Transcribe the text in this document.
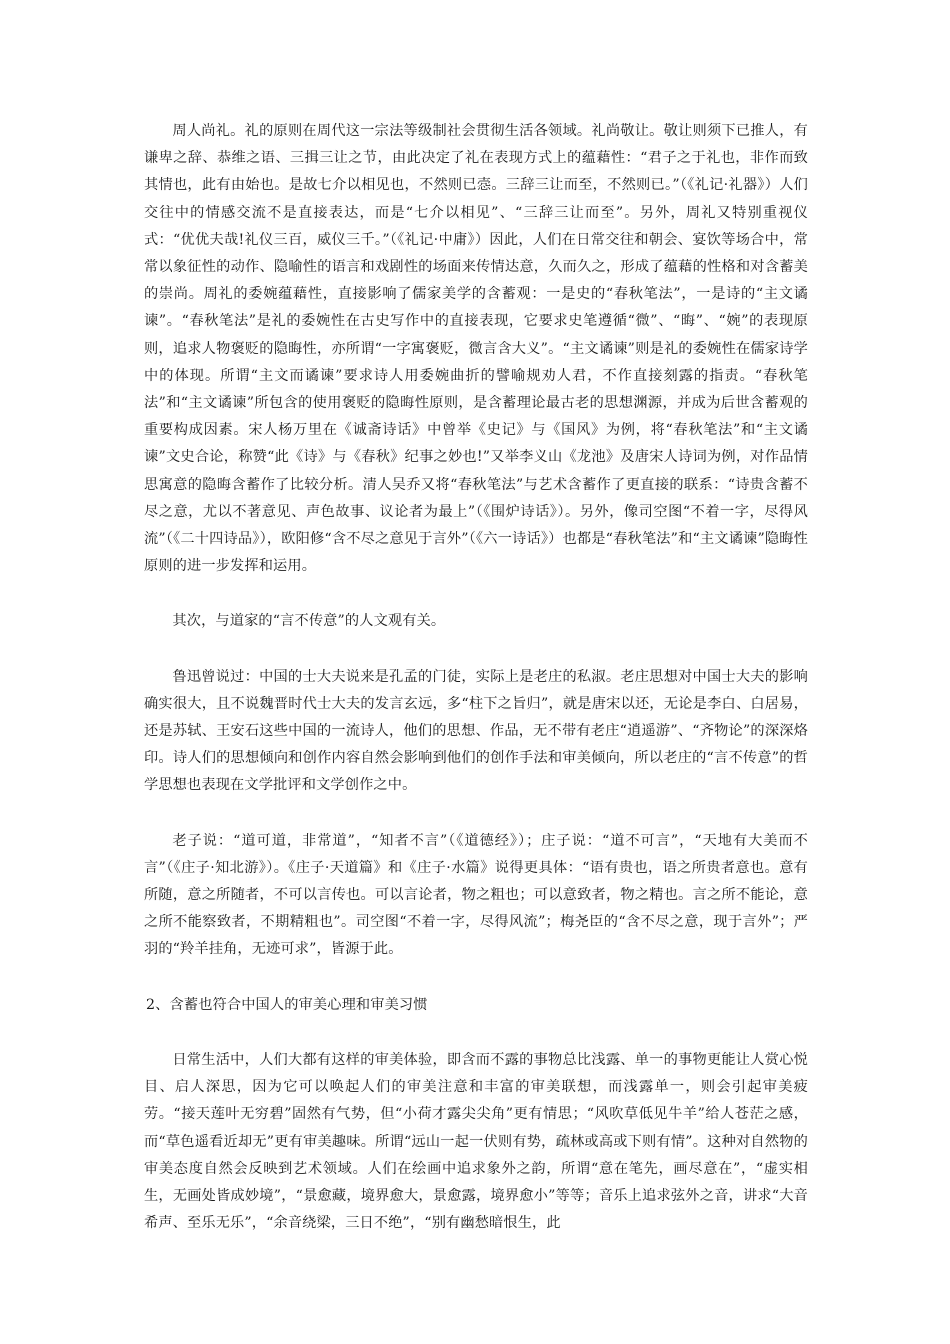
周人尚礼。礼的原则在周代这一宗法等级制社会贯彻生活各领域。礼尚敬让。敬让则须下已推人，有谦卑之辞、恭维之语、三揖三让之节，由此决定了礼在表现方式上的蕴藉性：“君子之于礼也，非作而致其情也，此有由始也。是故七介以相见也，不然则已悫。三辞三让而至，不然则已。”（《礼记·礼器》）人们交往中的情感交流不是直接表达，而是“七介以相见”、“三辞三让而至”。另外，周礼又特别重视仪式：“优优夫哉!礼仪三百，威仪三千。”（《礼记·中庸》）因此，人们在日常交往和朝会、宴饮等场合中，常常以象征性的动作、隐喻性的语言和戏剧性的场面来传情达意，久而久之，形成了蕴藉的性格和对含蓄美的崇尚。周礼的委婉蕴藉性，直接影响了儒家美学的含蓄观：一是史的“春秋笔法”，一是诗的“主文谲谏”。“春秋笔法”是礼的委婉性在古史写作中的直接表现，它要求史笔遵循“微”、“晦”、“婉”的表现原则，追求人物褒贬的隐晦性，亦所谓“一字寓褒贬，微言含大义”。“主文谲谏”则是礼的委婉性在儒家诗学中的体现。所谓“主文而谲谏”要求诗人用委婉曲折的譬喻规劝人君，不作直接刻露的指责。“春秋笔法”和“主文谲谏”所包含的使用褒贬的隐晦性原则，是含蓄理论最古老的思想渊源，并成为后世含蓄观的重要构成因素。宋人杨万里在《诚斋诗话》中曾举《史记》与《国风》为例，将“春秋笔法”和“主文谲谏”文史合论，称赞“此《诗》与《春秋》纪事之妙也!”又举李义山《龙池》及唐宋人诗词为例，对作品情思寓意的隐晦含蓄作了比较分析。清人吴乔又将“春秋笔法”与艺术含蓄作了更直接的联系：“诗贵含蓄不尽之意，尤以不著意见、声色故事、议论者为最上”（《围炉诗话》）。另外，像司空图“不着一字，尽得风流”（《二十四诗品》），欧阳修“含不尽之意见于言外”（《六一诗话》）也都是“春秋笔法”和“主文谲谏”隐晦性原则的进一步发挥和运用。

其次，与道家的“言不传意”的人文观有关。

鲁迅曾说过：中国的士大夫说来是孔孟的门徒，实际上是老庄的私淑。老庄思想对中国士大夫的影响确实很大，且不说魏晋时代士大夫的发言玄远，多“柱下之旨归”，就是唐宋以还，无论是李白、白居易，还是苏轼、王安石这些中国的一流诗人，他们的思想、作品，无不带有老庄“逍遥游”、“齐物论”的深深烙印。诗人们的思想倾向和创作内容自然会影响到他们的创作手法和审美倾向，所以老庄的“言不传意”的哲学思想也表现在文学批评和文学创作之中。

老子说：“道可道，非常道”，“知者不言”（《道德经》）；庄子说：“道不可言”，“天地有大美而不言”（《庄子·知北游》）。《庄子·天道篇》和《庄子·水篇》说得更具体：“语有贵也，语之所贵者意也。意有所随，意之所随者，不可以言传也。可以言论者，物之粗也；可以意致者，物之精也。言之所不能论，意之所不能察致者，不期精粗也”。司空图“不着一字，尽得风流”；梅尧臣的“含不尽之意，现于言外”；严羽的“羚羊挂角，无迹可求”，皆源于此。

2、含蓄也符合中国人的审美心理和审美习惯

日常生活中，人们大都有这样的审美体验，即含而不露的事物总比浅露、单一的事物更能让人赏心悦目、启人深思，因为它可以唤起人们的审美注意和丰富的审美联想，而浅露单一，则会引起审美疲劳。“接天莲叶无穷碧”固然有气势，但“小荷才露尖尖角”更有情思；“风吹草低见牛羊”给人苍茫之感，而“草色遥看近却无”更有审美趣味。所谓“远山一起一伏则有势，疏林或高或下则有情”。这种对自然物的审美态度自然会反映到艺术领域。人们在绘画中追求象外之韵，所谓“意在笔先，画尽意在”，“虚实相生，无画处皆成妙境”，“景愈藏，境界愈大，景愈露，境界愈小”等等；音乐上追求弦外之音，讲求“大音希声、至乐无乐”，“余音绕梁，三日不绝”，“别有幽愁暗恨生，此
